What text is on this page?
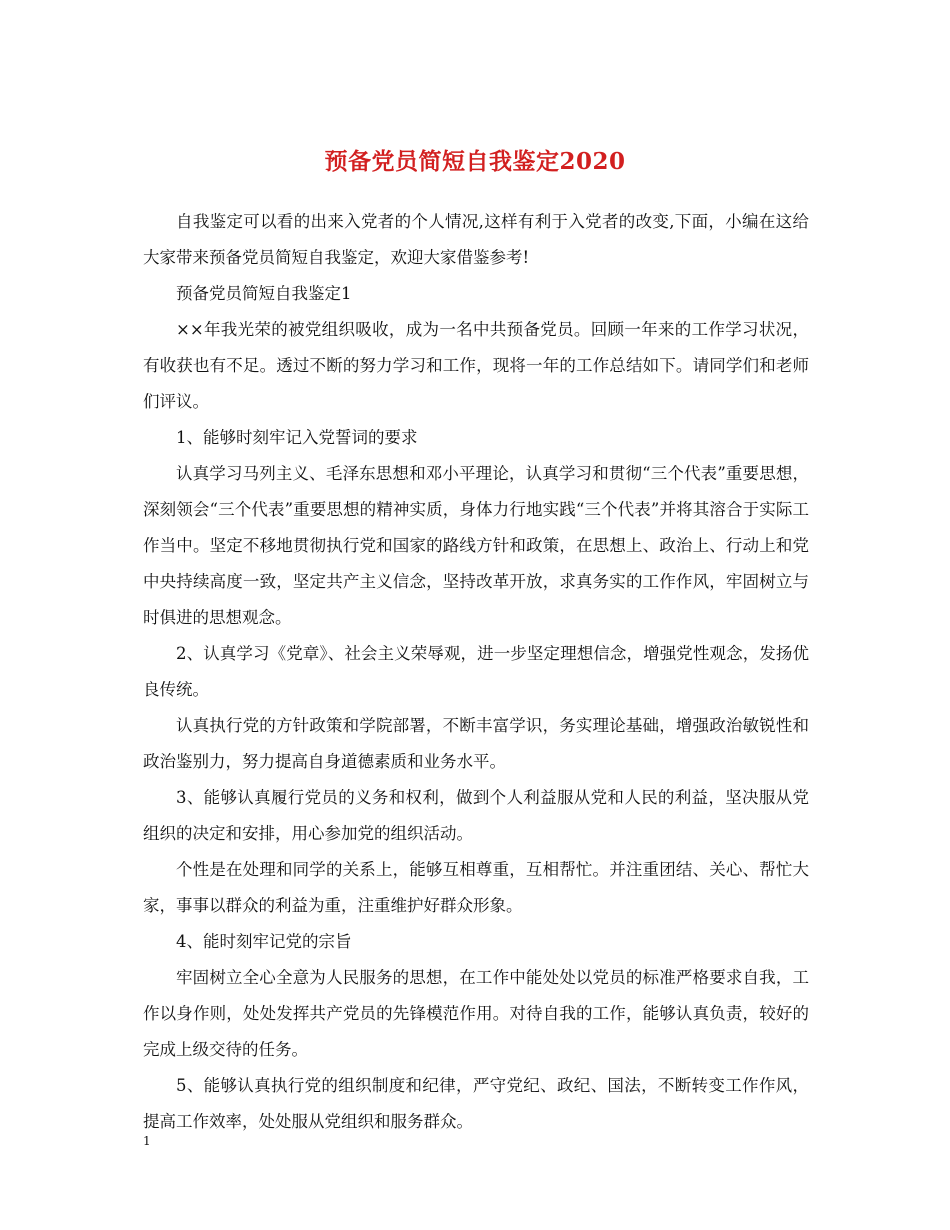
预备党员简短自我鉴定2020

自我鉴定可以看的出来入党者的个人情况,这样有利于入党者的改变,下面，小编在这给大家带来预备党员简短自我鉴定，欢迎大家借鉴参考!

预备党员简短自我鉴定1

××年我光荣的被党组织吸收，成为一名中共预备党员。回顾一年来的工作学习状况，有收获也有不足。透过不断的努力学习和工作，现将一年的工作总结如下。请同学们和老师们评议。

1、能够时刻牢记入党誓词的要求

认真学习马列主义、毛泽东思想和邓小平理论，认真学习和贯彻“三个代表”重要思想，深刻领会“三个代表”重要思想的精神实质，身体力行地实践“三个代表”并将其溶合于实际工作当中。坚定不移地贯彻执行党和国家的路线方针和政策，在思想上、政治上、行动上和党中央持续高度一致，坚定共产主义信念，坚持改革开放，求真务实的工作作风，牢固树立与时俱进的思想观念。

2、认真学习《党章》、社会主义荣辱观，进一步坚定理想信念，增强党性观念，发扬优良传统。

认真执行党的方针政策和学院部署，不断丰富学识，务实理论基础，增强政治敏锐性和政治鉴别力，努力提高自身道德素质和业务水平。

3、能够认真履行党员的义务和权利，做到个人利益服从党和人民的利益，坚决服从党组织的决定和安排，用心参加党的组织活动。

个性是在处理和同学的关系上，能够互相尊重，互相帮忙。并注重团结、关心、帮忙大家，事事以群众的利益为重，注重维护好群众形象。

4、能时刻牢记党的宗旨

牢固树立全心全意为人民服务的思想，在工作中能处处以党员的标准严格要求自我，工作以身作则，处处发挥共产党员的先锋模范作用。对待自我的工作，能够认真负责，较好的完成上级交待的任务。

5、能够认真执行党的组织制度和纪律，严守党纪、政纪、国法，不断转变工作作风，提高工作效率，处处服从党组织和服务群众。

1
